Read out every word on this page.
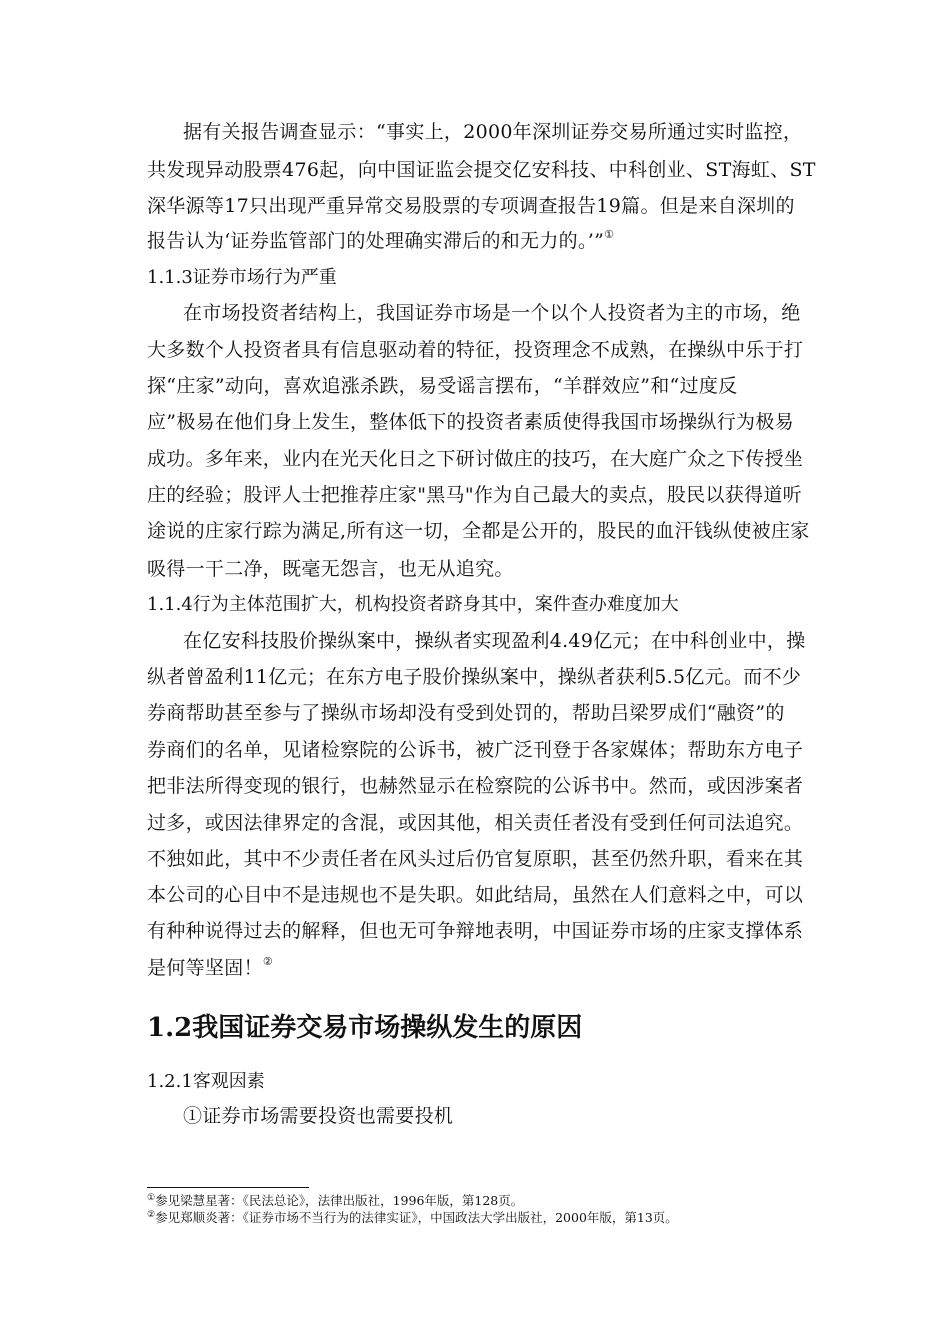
据有关报告调查显示：“事实上，2000年深圳证券交易所通过实时监控，
共发现异动股票476起，向中国证监会提交亿安科技、中科创业、ST海虹、ST
深华源等17只出现严重异常交易股票的专项调查报告19篇。但是来自深圳的
报告认为‘证券监管部门的处理确实滞后的和无力的。’”①
1.1.3证券市场行为严重
在市场投资者结构上，我国证券市场是一个以个人投资者为主的市场，绝
大多数个人投资者具有信息驱动着的特征，投资理念不成熟，在操纵中乐于打
探“庄家”动向，喜欢追涨杀跌，易受谣言摆布，“羊群效应”和“过度反
应”极易在他们身上发生，整体低下的投资者素质使得我国市场操纵行为极易
成功。多年来，业内在光天化日之下研讨做庄的技巧，在大庭广众之下传授坐
庄的经验；股评人士把推荐庄家"黑马"作为自己最大的卖点，股民以获得道听
途说的庄家行踪为满足,所有这一切，全都是公开的，股民的血汗钱纵使被庄家
吸得一干二净，既毫无怨言，也无从追究。
1.1.4行为主体范围扩大，机构投资者跻身其中，案件查办难度加大
在亿安科技股价操纵案中，操纵者实现盈利4.49亿元；在中科创业中，操
纵者曾盈利11亿元；在东方电子股价操纵案中，操纵者获利5.5亿元。而不少
券商帮助甚至参与了操纵市场却没有受到处罚的，帮助吕梁罗成们“融资”的
券商们的名单，见诸检察院的公诉书，被广泛刊登于各家媒体；帮助东方电子
把非法所得变现的银行，也赫然显示在检察院的公诉书中。然而，或因涉案者
过多，或因法律界定的含混，或因其他，相关责任者没有受到任何司法追究。
不独如此，其中不少责任者在风头过后仍官复原职，甚至仍然升职，看来在其
本公司的心目中不是违规也不是失职。如此结局，虽然在人们意料之中，可以
有种种说得过去的解释，但也无可争辩地表明，中国证券市场的庄家支撑体系
是何等坚固！②
1.2我国证券交易市场操纵发生的原因
1.2.1客观因素
①证券市场需要投资也需要投机
①参见梁慧星著：《民法总论》，法律出版社，1996年版，第128页。
②参见郑顺炎著：《证券市场不当行为的法律实证》，中国政法大学出版社，2000年版，第13页。
